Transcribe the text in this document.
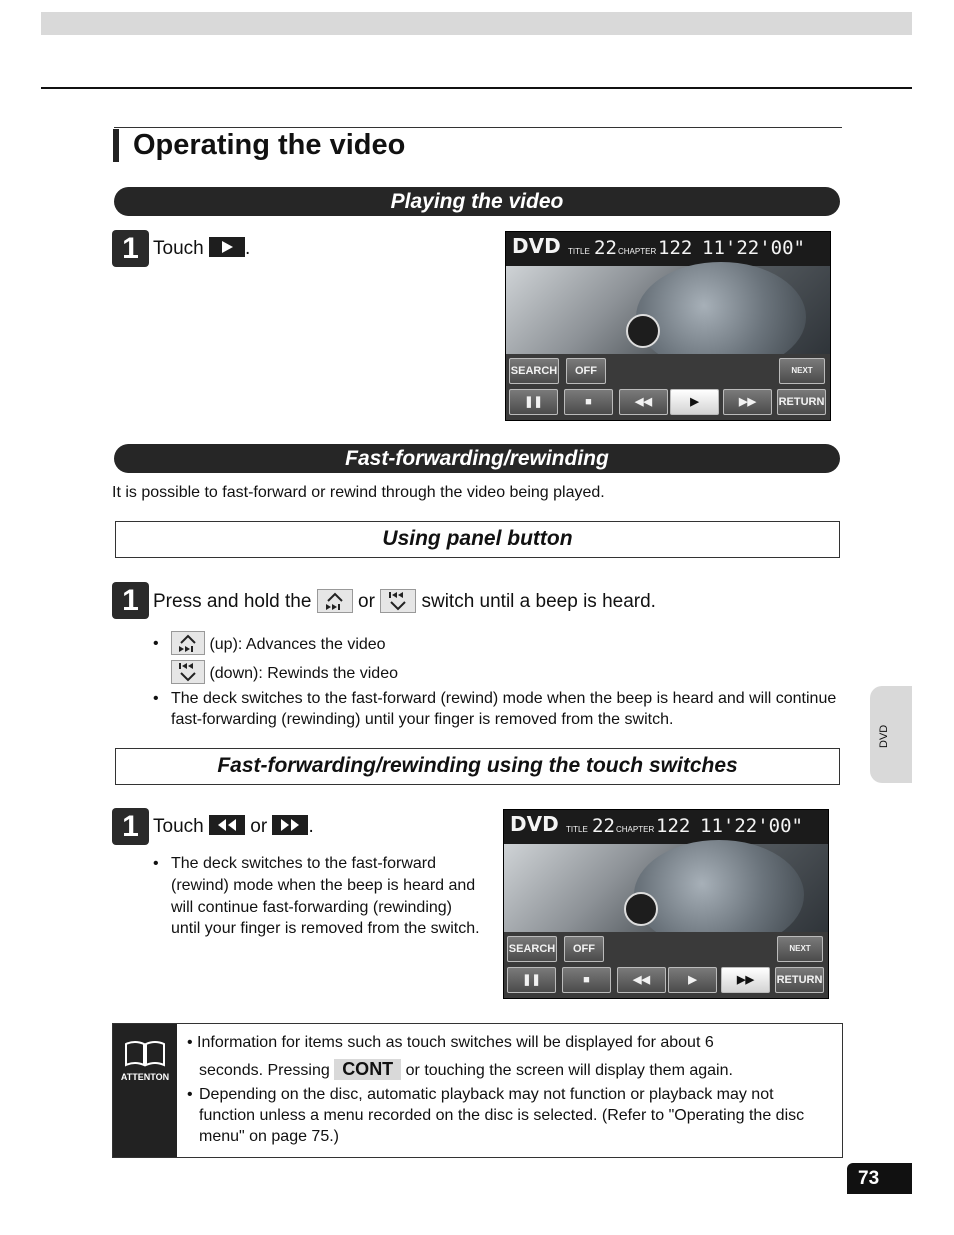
Operating the video
Playing the video
1 Touch .	DVD TITLE 22 CHAPTER 122 11'22'00"
SEARCH	OFF	NEXT
❚❚	■	◀◀	▶	▶▶	RETURN
Fast-forwarding/rewinding
It is possible to fast-forward or rewind through the video being played.
Using panel button
1 Press and hold the or switch until a beep is heard.
•	(up): Advances the video
(down): Rewinds the video
• The deck switches to the fast-forward (rewind) mode when the beep is heard and will continue fast-forwarding (rewinding) until your finger is removed from the switch.
Fast-forwarding/rewinding using the touch switches
1 Touch or .
• The deck switches to the fast-forward (rewind) mode when the beep is heard and will continue fast-forwarding (rewinding) until your finger is removed from the switch.
DVD TITLE 22 CHAPTER 122 11'22'00"
SEARCH	OFF	NEXT
❚❚	■	◀◀	▶	▶▶	RETURN
DVD
ATTENTON
• Information for items such as touch switches will be displayed for about 6
seconds. Pressing CONT or touching the screen will display them again.
• Depending on the disc, automatic playback may not function or playback may not function unless a menu recorded on the disc is selected. (Refer to "Operating the disc menu" on page 75.)
73
